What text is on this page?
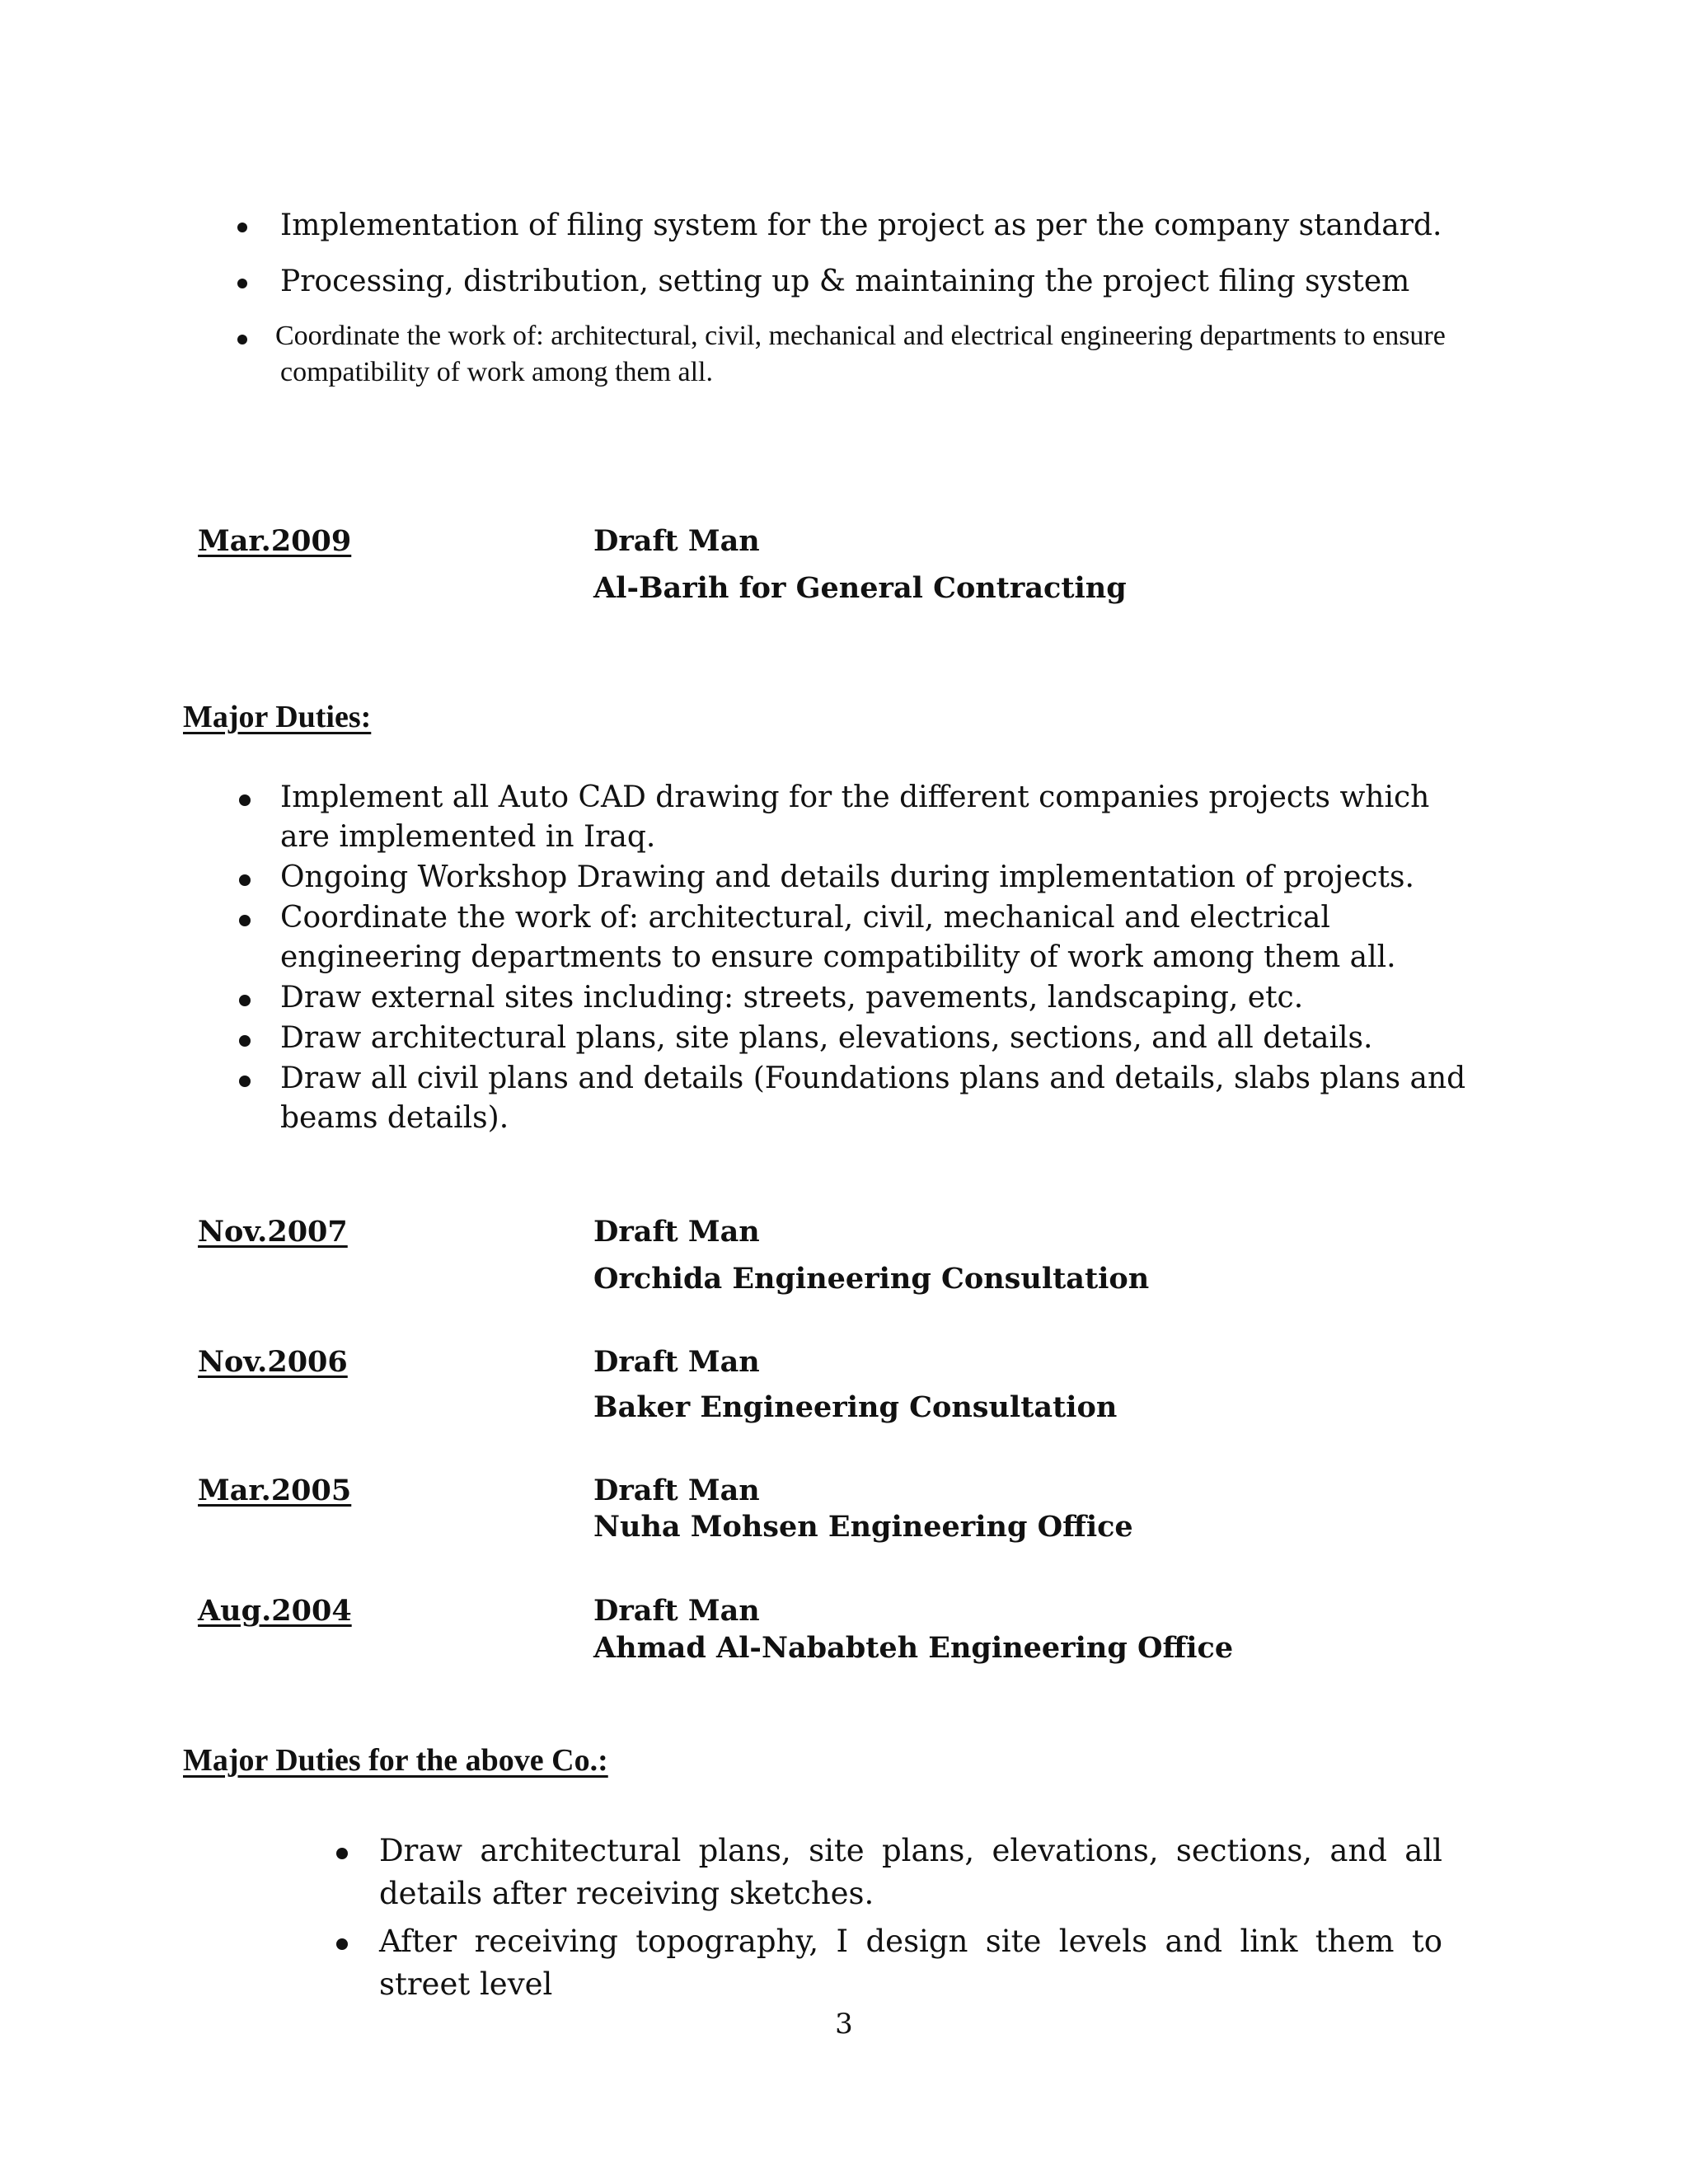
Implementation of filing system for the project as per the company standard.
Processing, distribution, setting up & maintaining the project filing system
Coordinate the work of: architectural, civil, mechanical and electrical engineering departments to ensure compatibility of work among them all.
Mar.2009	Draft Man
Al-Barih for General Contracting
Major Duties:
Implement all Auto CAD drawing for the different companies projects which are implemented in Iraq.
Ongoing Workshop Drawing and details during implementation of projects.
Coordinate the work of: architectural, civil, mechanical and electrical engineering departments to ensure compatibility of work among them all.
Draw external sites including: streets, pavements, landscaping, etc.
Draw architectural plans, site plans, elevations, sections, and all details.
Draw all civil plans and details (Foundations plans and details, slabs plans and beams details).
Nov.2007	Draft Man
Orchida Engineering Consultation
Nov.2006	Draft Man
Baker Engineering Consultation
Mar.2005	Draft Man
Nuha Mohsen Engineering Office
Aug.2004	Draft Man
Ahmad Al-Nababteh Engineering Office
Major Duties for the above Co.:
Draw architectural plans, site plans, elevations, sections, and all details after receiving sketches.
After receiving topography, I design site levels and link them to street level
3
